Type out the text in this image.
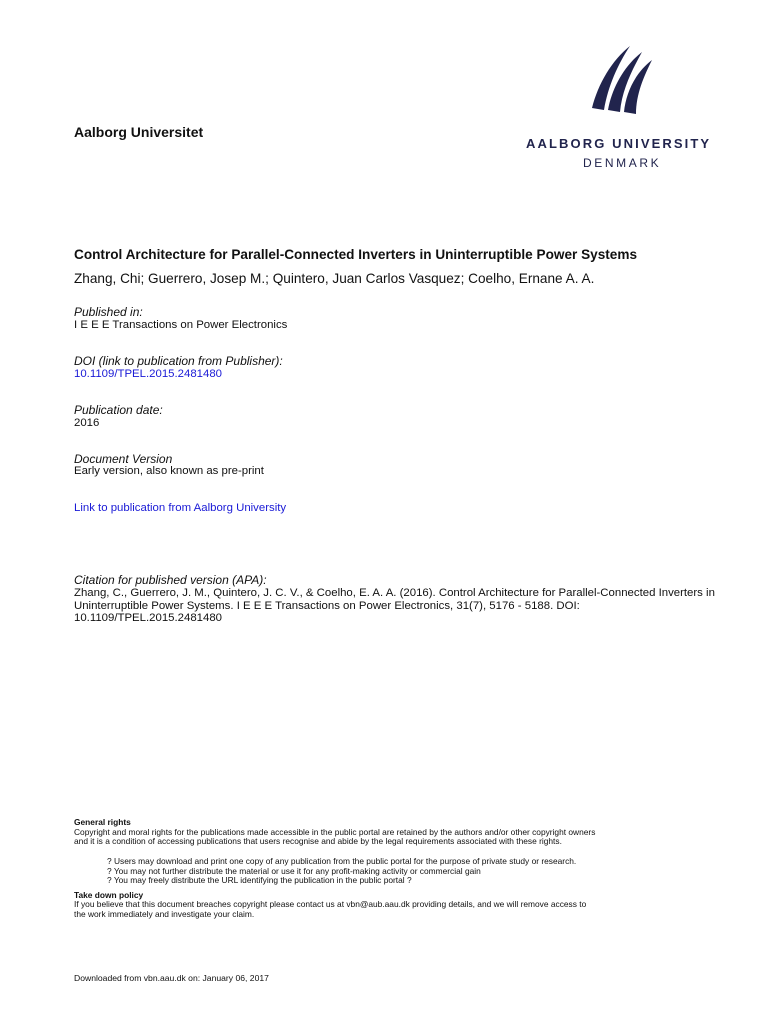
Aalborg Universitet
AALBORG UNIVERSITY
DENMARK
Control Architecture for Parallel-Connected Inverters in Uninterruptible Power Systems
Zhang, Chi; Guerrero, Josep M.; Quintero, Juan Carlos Vasquez; Coelho, Ernane A. A.
Published in:
I E E E Transactions on Power Electronics
DOI (link to publication from Publisher):
10.1109/TPEL.2015.2481480
Publication date:
2016
Document Version
Early version, also known as pre-print
Link to publication from Aalborg University
Citation for published version (APA):
Zhang, C., Guerrero, J. M., Quintero, J. C. V., & Coelho, E. A. A. (2016). Control Architecture for Parallel-Connected Inverters in Uninterruptible Power Systems. I E E E Transactions on Power Electronics, 31(7), 5176 - 5188. DOI: 10.1109/TPEL.2015.2481480
General rights
Copyright and moral rights for the publications made accessible in the public portal are retained by the authors and/or other copyright owners
and it is a condition of accessing publications that users recognise and abide by the legal requirements associated with these rights.
? Users may download and print one copy of any publication from the public portal for the purpose of private study or research.
? You may not further distribute the material or use it for any profit-making activity or commercial gain
? You may freely distribute the URL identifying the publication in the public portal ?
Take down policy
If you believe that this document breaches copyright please contact us at vbn@aub.aau.dk providing details, and we will remove access to
the work immediately and investigate your claim.
Downloaded from vbn.aau.dk on: January 06, 2017
